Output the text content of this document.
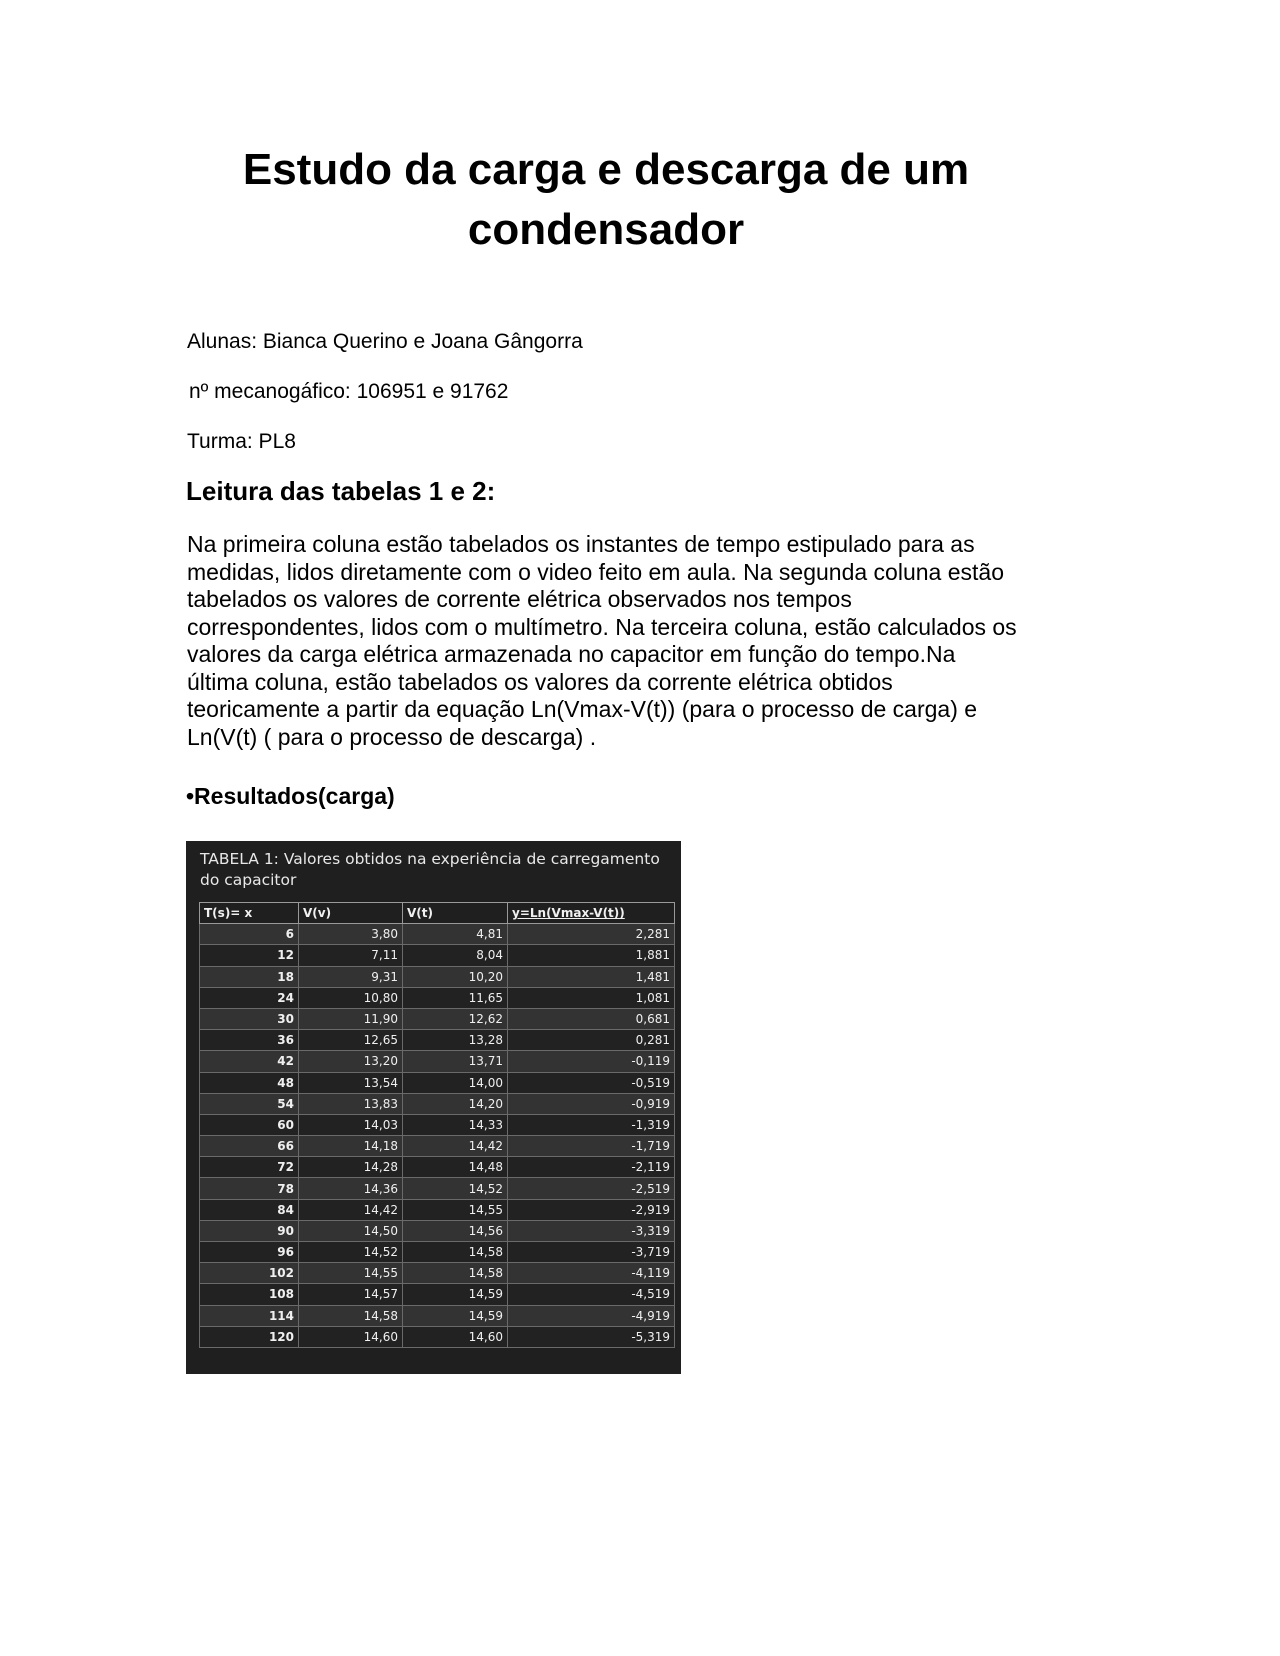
Estudo da carga e descarga de um condensador
Alunas: Bianca Querino e Joana Gângorra
nº mecanogáfico: 106951 e 91762
Turma: PL8
Leitura das tabelas 1 e 2:
Na primeira coluna estão tabelados os instantes de tempo estipulado para as medidas, lidos diretamente com o video feito em aula. Na segunda coluna estão tabelados os valores de corrente elétrica observados nos tempos correspondentes, lidos com o multímetro. Na terceira coluna, estão calculados os valores da carga elétrica armazenada no capacitor em função do tempo.Na última coluna, estão tabelados os valores da corrente elétrica obtidos teoricamente a partir da equação Ln(Vmax-V(t)) (para o processo de carga) e Ln(V(t) ( para o processo de descarga) .
•Resultados(carga)
TABELA 1: Valores obtidos na experiência de carregamento do capacitor
T(s)= x	V(v)	V(t)	y=Ln(Vmax-V(t))
6	3,80	4,81	2,281
12	7,11	8,04	1,881
18	9,31	10,20	1,481
24	10,80	11,65	1,081
30	11,90	12,62	0,681
36	12,65	13,28	0,281
42	13,20	13,71	-0,119
48	13,54	14,00	-0,519
54	13,83	14,20	-0,919
60	14,03	14,33	-1,319
66	14,18	14,42	-1,719
72	14,28	14,48	-2,119
78	14,36	14,52	-2,519
84	14,42	14,55	-2,919
90	14,50	14,56	-3,319
96	14,52	14,58	-3,719
102	14,55	14,58	-4,119
108	14,57	14,59	-4,519
114	14,58	14,59	-4,919
120	14,60	14,60	-5,319
